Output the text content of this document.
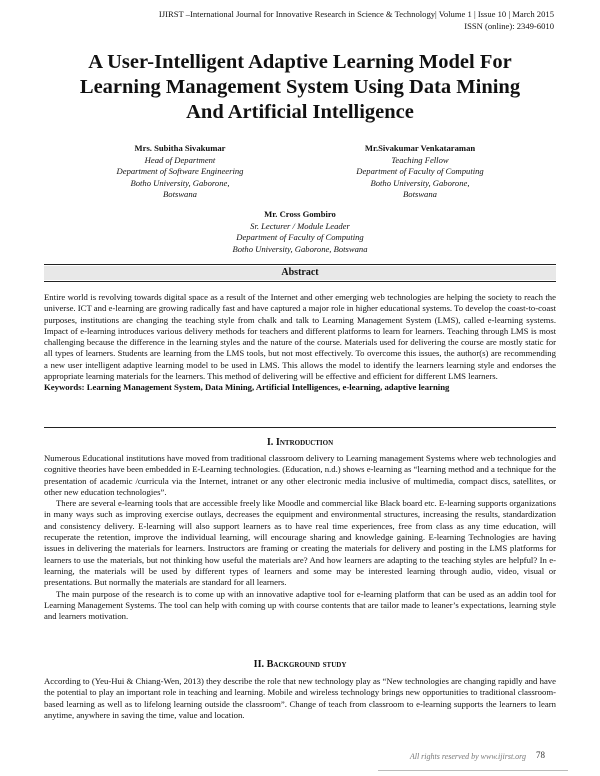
IJIRST –International Journal for Innovative Research in Science & Technology| Volume 1 | Issue 10 | March 2015
ISSN (online): 2349-6010
A User-Intelligent Adaptive Learning Model For
Learning Management System Using Data Mining
And Artificial Intelligence
Mrs. Subitha Sivakumar
Head of Department
Department of Software Engineering
Botho University, Gaborone,
Botswana
Mr.Sivakumar Venkataraman
Teaching Fellow
Department of Faculty of Computing
Botho University, Gaborone,
Botswana
Mr. Cross Gombiro
Sr. Lecturer / Module Leader
Department of Faculty of Computing
Botho University, Gaborone, Botswana
Abstract

Entire world is revolving towards digital space as a result of the Internet and other emerging web technologies are helping the society to reach the universe. ICT and e-learning are growing radically fast and have captured a major role in higher educational systems. To develop the coast-to-coast purposes, institutions are changing the teaching style from chalk and talk to Learning Management System (LMS), called e-learning systems. Impact of e-learning introduces various delivery methods for teachers and different platforms to learn for learners. Teaching through LMS is most challenging because the difference in the learning styles and the nature of the course. Materials used for delivering the course are mostly static for all types of learners. Students are learning from the LMS tools, but not most effectively. To overcome this issues, the author(s) are recommending a new user intelligent adaptive learning model to be used in LMS. This allows the model to identify the learners learning style and endorses the appropriate learning materials for the learners. This method of delivering will be effective and efficient for different LMS learners.

Keywords: Learning Management System, Data Mining, Artificial Intelligences, e-learning, adaptive learning

I. Introduction

Numerous Educational institutions have moved from traditional classroom delivery to Learning management Systems where web technologies and cognitive theories have been embedded in E-Learning technologies. (Education, n.d.) shows e-learning as “learning method and a technique for the presentation of academic /curricula via the Internet, intranet or any other electronic media inclusive of multimedia, compact discs, satellites, or other new education technologies”.

There are several e-learning tools that are accessible freely like Moodle and commercial like Black board etc. E-learning supports organizations in many ways such as improving exercise outlays, decreases the equipment and environmental structures, increasing the results, standardization and consistency delivery. E-learning will also support learners as to have real time experiences, free from class as any time education, will recuperate the retention, improve the individual learning, will encourage sharing and knowledge gaining. E-learning Technologies are having issues in delivering the materials for learners. Instructors are framing or creating the materials for delivery and posting in the LMS platforms for learners to use the materials, but not thinking how useful the materials are? And how learners are adapting to the teaching styles are helpful? In e-learning, the materials will be used by different types of learners and some may be interested learning through audio, video, visual or presentations. But normally the materials are standard for all learners.

The main purpose of the research is to come up with an innovative adaptive tool for e-learning platform that can be used as an addin tool for Learning Management Systems. The tool can help with coming up with course contents that are tailor made to leaner’s expectations, learning style and learners motivation.

II. Background study

According to (Yeu-Hui & Chiang-Wen, 2013) they describe the role that new technology play as “New technologies are changing rapidly and have the potential to play an important role in teaching and learning. Mobile and wireless technology brings new opportunities to traditional classroom-based learning as well as to lifelong learning outside the classroom”. Change of teach from classroom to e-learning supports the learners to learn anytime, anywhere in saving the time, value and location.

All rights reserved by www.ijirst.org 78
